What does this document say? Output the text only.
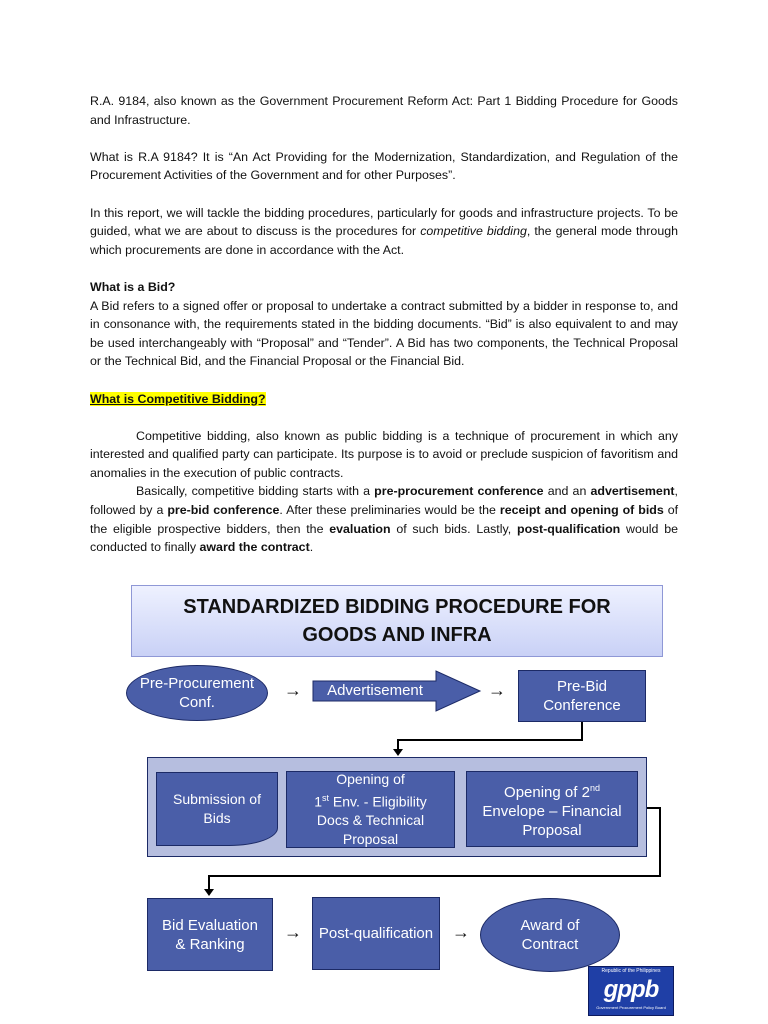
R.A. 9184, also known as the Government Procurement Reform Act: Part 1 Bidding Procedure for Goods and Infrastructure.

What is R.A 9184? It is “An Act Providing for the Modernization, Standardization, and Regulation of the Procurement Activities of the Government and for other Purposes”.

In this report, we will tackle the bidding procedures, particularly for goods and infrastructure projects. To be guided, what we are about to discuss is the procedures for competitive bidding, the general mode through which procurements are done in accordance with the Act.

What is a Bid?

A Bid refers to a signed offer or proposal to undertake a contract submitted by a bidder in response to, and in consonance with, the requirements stated in the bidding documents. “Bid” is also equivalent to and may be used interchangeably with “Proposal” and “Tender”. A Bid has two components, the Technical Proposal or the Technical Bid, and the Financial Proposal or the Financial Bid.

What is Competitive Bidding?

Competitive bidding, also known as public bidding is a technique of procurement in which any interested and qualified party can participate. Its purpose is to avoid or preclude suspicion of favoritism and anomalies in the execution of public contracts.

Basically, competitive bidding starts with a pre-procurement conference and an advertisement, followed by a pre-bid conference. After these preliminaries would be the receipt and opening of bids of the eligible prospective bidders, then the evaluation of such bids. Lastly, post-qualification would be conducted to finally award the contract.

STANDARDIZED BIDDING PROCEDURE FOR
GOODS AND INFRA
Pre-Procurement
Conf.
→	Advertisement	→	Pre-Bid
Conference
Submission of
Bids
Opening of
1st Env. - Eligibility
Docs & Technical
Proposal
Opening of 2nd
Envelope – Financial
Proposal
Bid Evaluation
& Ranking
→	Post-qualification	→	Award of
Contract
Republic of the Philippines
gppb
Government Procurement Policy Board
